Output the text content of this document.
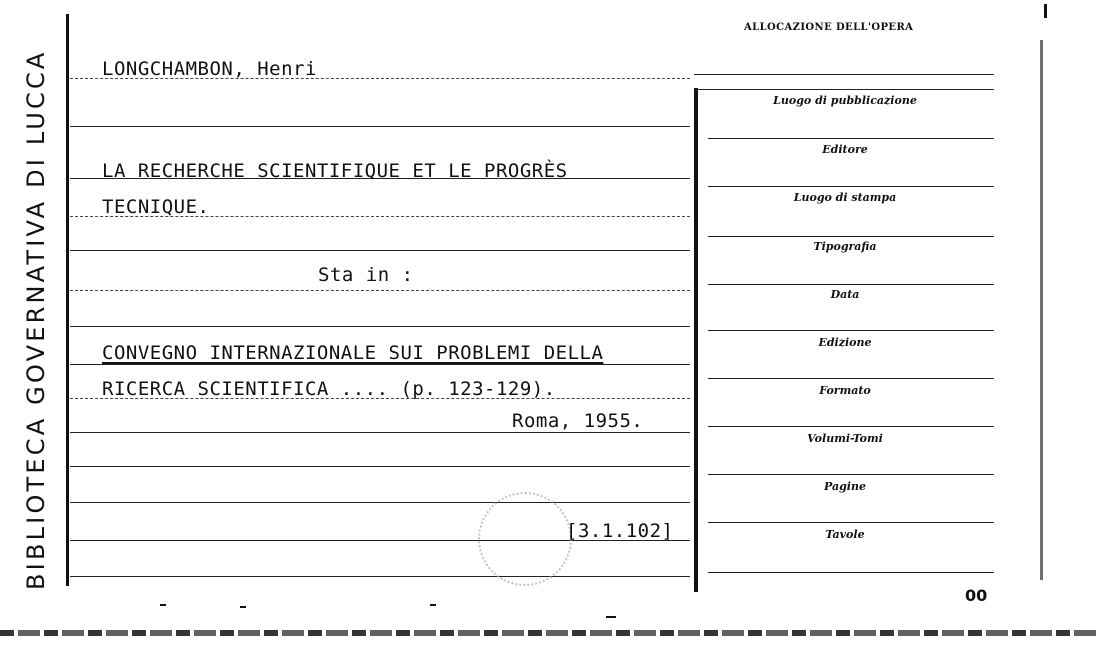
BIBLIOTECA GOVERNATIVA DI LUCCA	LONGCHAMBON, Henri
LA RECHERCHE SCIENTIFIQUE ET LE PROGRÈS
TECNIQUE.
Sta in :
CONVEGNO INTERNAZIONALE SUI PROBLEMI DELLA
RICERCA SCIENTIFICA .... (p. 123-129).
Roma, 1955.
[3.1.102]
ALLOCAZIONE DELL'OPERA
Luogo di pubblicazione
Editore
Luogo di stampa
Tipografia
Data
Edizione
Formato
Volumi-Tomi
Pagine
Tavole
00
